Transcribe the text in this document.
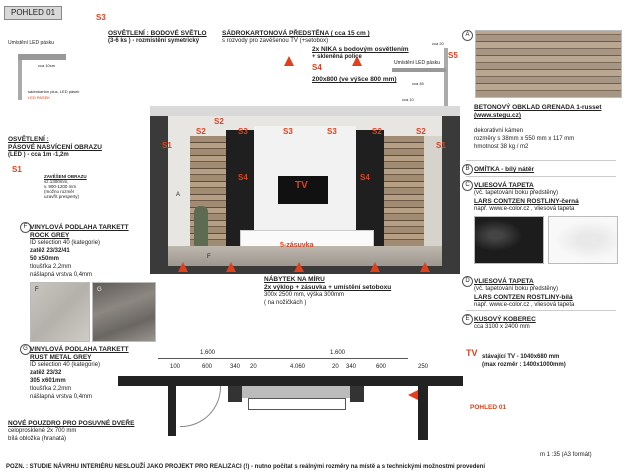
POHLED 01
Umístění LED pásku
cca 10cm
sádrokarton plus, LED pásek
LED PASEK
S3
OSVĚTLENÍ : BODOVÉ SVĚTLO
(3-6 ks ) - rozmístění symetrický
SÁDROKARTONOVÁ PŘEDSTĚNA ( cca 15 cm )
s rozvody pro zavěšenou TV (+setobox)
2x NIKA s bodovým osvětlením
+ skleněná police
S4
200x800 (ve výšce 800 mm)
cca 20
Umístění LED pásku
cca 45
cca 10
S5
A
BETONOVÝ OBKLAD GRENADA 1-russet
(www.stegu.cz)
dekorativní kámen
rozměry s 38mm x 550 mm x 117 mm
hmotnost 38 kg / m2
B OMÍTKA - bílý nátěr
C VLIESOVÁ TAPETA
(vč. tapetování boku předstěny)
LARS CONTZEN ROSTLINY-černá
např. www.e-color.cz , vliesová tapeta
D VLIESOVÁ TAPETA
(vč. tapetování boku předstěny)
LARS CONTZEN ROSTLINY-bílá
např. www.e-color.cz , vliesová tapeta
E KUSOVÝ KOBEREC
cca 3100 x 2400 mm
TV stávající TV - 1040x680 mm
(max rozměr : 1400x1000mm)
OSVĚTLENÍ :
PÁSOVÉ NASVÍCENÍ OBRAZU
(LED ) - cca 1m -1,2m
S1
ZAVĚŠENÍ OBRAZU
sz.1300mm,
v. 900-1200 mm
(možno rozměr
uzavřít presperty)
F VINYLOVÁ PODLAHA TARKETT
ROCK GREY
ID selection 40 (kategorie)
zatěž 23/32/41
50 x50mm
tloušťka 2,2mm
nášlapná vrstva 0,4mm
F	G
G VINYLOVÁ PODLAHA TARKETT
RUST METAL GREY
ID selection 40 (kategorie)
zatěž 23/32
305 x601mm
tloušťka 2,2mm
nášlapná vrstva 0,4mm
NOVÉ POUZDRO PRO POSUVNÉ DVEŘE
celoprosklené 2x 700 mm
bílá obložka (hranatá)
S1
S2
S2
S3	S3	S3	S2	S2
S1
S4	S4
TV
5-zásuvka
A
F
NÁBYTEK NA MÍRU
2x výklop + zásuvka + umístění setoboxu
300x 2500 mm, výška 300mm
( na nožičkách )
1.600	1.600
100	600	340 20	4.060	20 340	600	250
POHLED 01
m 1 :35 (A3 formát)
POZN. : STUDIE NÁVRHU INTERIÉRU NESLOUŽÍ JAKO PROJEKT PRO REALIZACI (!) - nutno počítat s reálnými rozměry na místě a s technickými možnostmi provedení
